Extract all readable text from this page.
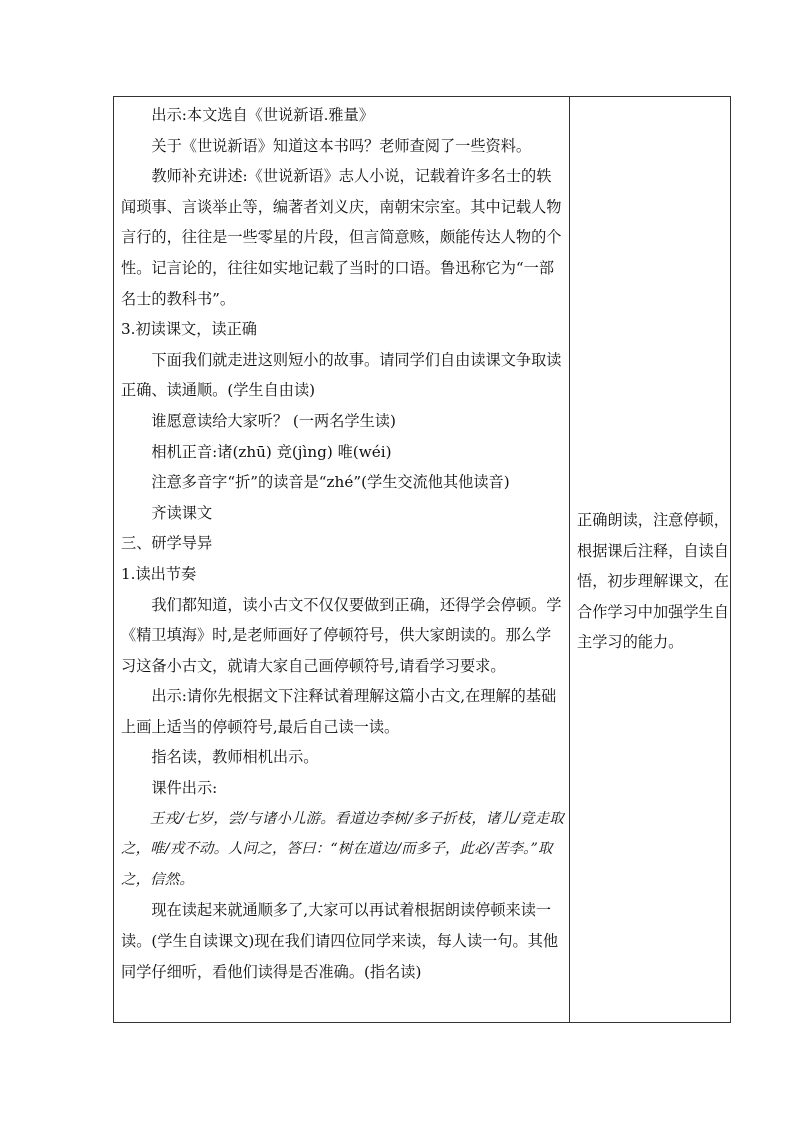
出示:本文选自《世说新语.雅量》

关于《世说新语》知道这本书吗？老师查阅了一些资料。

教师补充讲述:《世说新语》志人小说，记载着许多名士的轶闻琐事、言谈举止等，编著者刘义庆，南朝宋宗室。其中记载人物言行的，往往是一些零星的片段，但言简意赅，颇能传达人物的个性。记言论的，往往如实地记载了当时的口语。鲁迅称它为“一部名士的教科书”。

3.初读课文，读正确

下面我们就走进这则短小的故事。请同学们自由读课文争取读正确、读通顺。(学生自由读)

谁愿意读给大家听？ (一两名学生读)

相机正音:诸(zhū) 竞(jìng) 唯(wéi)

注意多音字“折”的读音是“zhé”(学生交流他其他读音)

齐读课文

三、研学导异

1.读出节奏

我们都知道，读小古文不仅仅要做到正确，还得学会停顿。学《精卫填海》时,是老师画好了停顿符号，供大家朗读的。那么学习这备小古文，就请大家自己画停顿符号,请看学习要求。

出示:请你先根据文下注释试着理解这篇小古文,在理解的基础上画上适当的停顿符号,最后自己读一读。

指名读，教师相机出示。

课件出示:

王戎/七岁，尝/与诸小儿游。看道边李树/多子折枝，诸儿/竞走取之，唯/戎不动。人问之，答曰：“树在道边/而多子，此必/苦李。”取之，信然。

现在读起来就通顺多了,大家可以再试着根据朗读停顿来读一读。(学生自读课文)现在我们请四位同学来读，每人读一句。其他同学仔细听，看他们读得是否准确。(指名读)

正确朗读，注意停顿，根据课后注释，自读自悟，初步理解课文，在合作学习中加强学生自主学习的能力。
